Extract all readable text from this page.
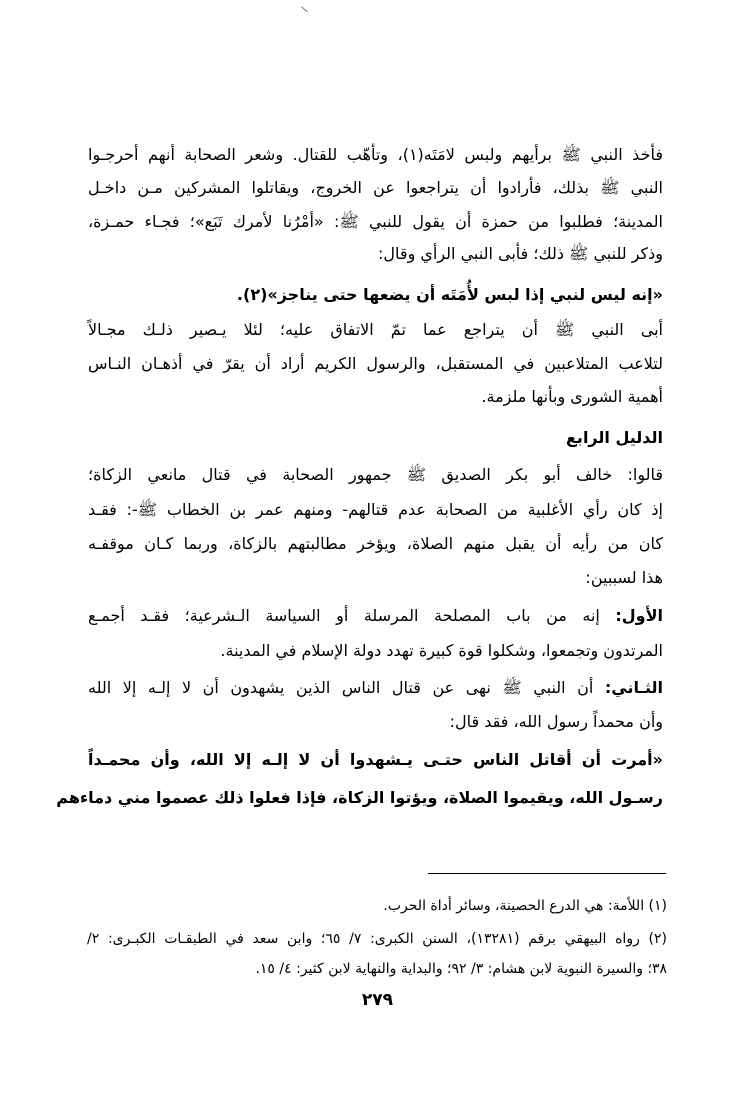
فأخذ النبي ﷺ برأيهم ولبس لامَتَه(١)، وتأهّب للقتال. وشعر الصحابة أنهم أحرجـوا
النبي ﷺ بذلك، فأرادوا أن يتراجعوا عن الخروج، ويقاتلوا المشركين مـن داخـل
المدينة؛ فطلبوا من حمزة أن يقول للنبي ﷺ: «أمْرُنا لأمرك تَبَع»؛ فجـاء حمـزة،
وذكر للنبي ﷺ ذلك؛ فأبى النبي الرأي وقال:
«إنه ليس لنبي إذا لبس لأُمَتَه أن يضعها حتى يناجز»(٢).
أبى النبي ﷺ أن يتراجع عما تمّ الاتفاق عليه؛ لئلا يـصير ذلـك مجـالاً
لتلاعب المتلاعبين في المستقبل، والرسول الكريم أراد أن يقرّ في أذهـان النـاس
أهمية الشورى وبأنها ملزمة.
الدليل الرابع
قالوا: خالف أبو بكر الصديق ﷺ جمهور الصحابة في قتال مانعي الزكاة؛
إذ كان رأي الأغلبية من الصحابة عدم قتالهم- ومنهم عمر بن الخطاب ﷺ-: فقـد
كان من رأيه أن يقبل منهم الصلاة، ويؤخر مطالبتهم بالزكاة، وربما كـان موقفـه
هذا لسببين:
الأول: إنه من باب المصلحة المرسلة أو السياسة الـشرعية؛ فقـد أجمـع
المرتدون وتجمعوا، وشكلوا قوة كبيرة تهدد دولة الإسلام في المدينة.
الثـاني: أن النبي ﷺ نهى عن قتال الناس الذين يشهدون أن لا إلـه إلا الله
وأن محمداً رسول الله، فقد قال:
«أمرت أن أقاتل الناس حتـى يـشهدوا أن لا إلـه إلا الله، وأن محمـداً
رسـول الله، ويقيموا الصلاة، ويؤتوا الزكاة، فإذا فعلوا ذلك عصموا مني دماءهم
(١) اللأمة: هي الدرع الحصينة، وسائر أداة الحرب.
(٢) رواه البيهقي برقم (١٣٢٨١)، السنن الكبرى: ٧/ ٦٥؛ وابن سعد في الطبقـات الكبـرى: ٢/
٣٨؛ والسيرة النبوية لابن هشام: ٣/ ٩٢؛ والبداية والنهاية لابن كثير: ٤/ ١٥.
٢٧٩
